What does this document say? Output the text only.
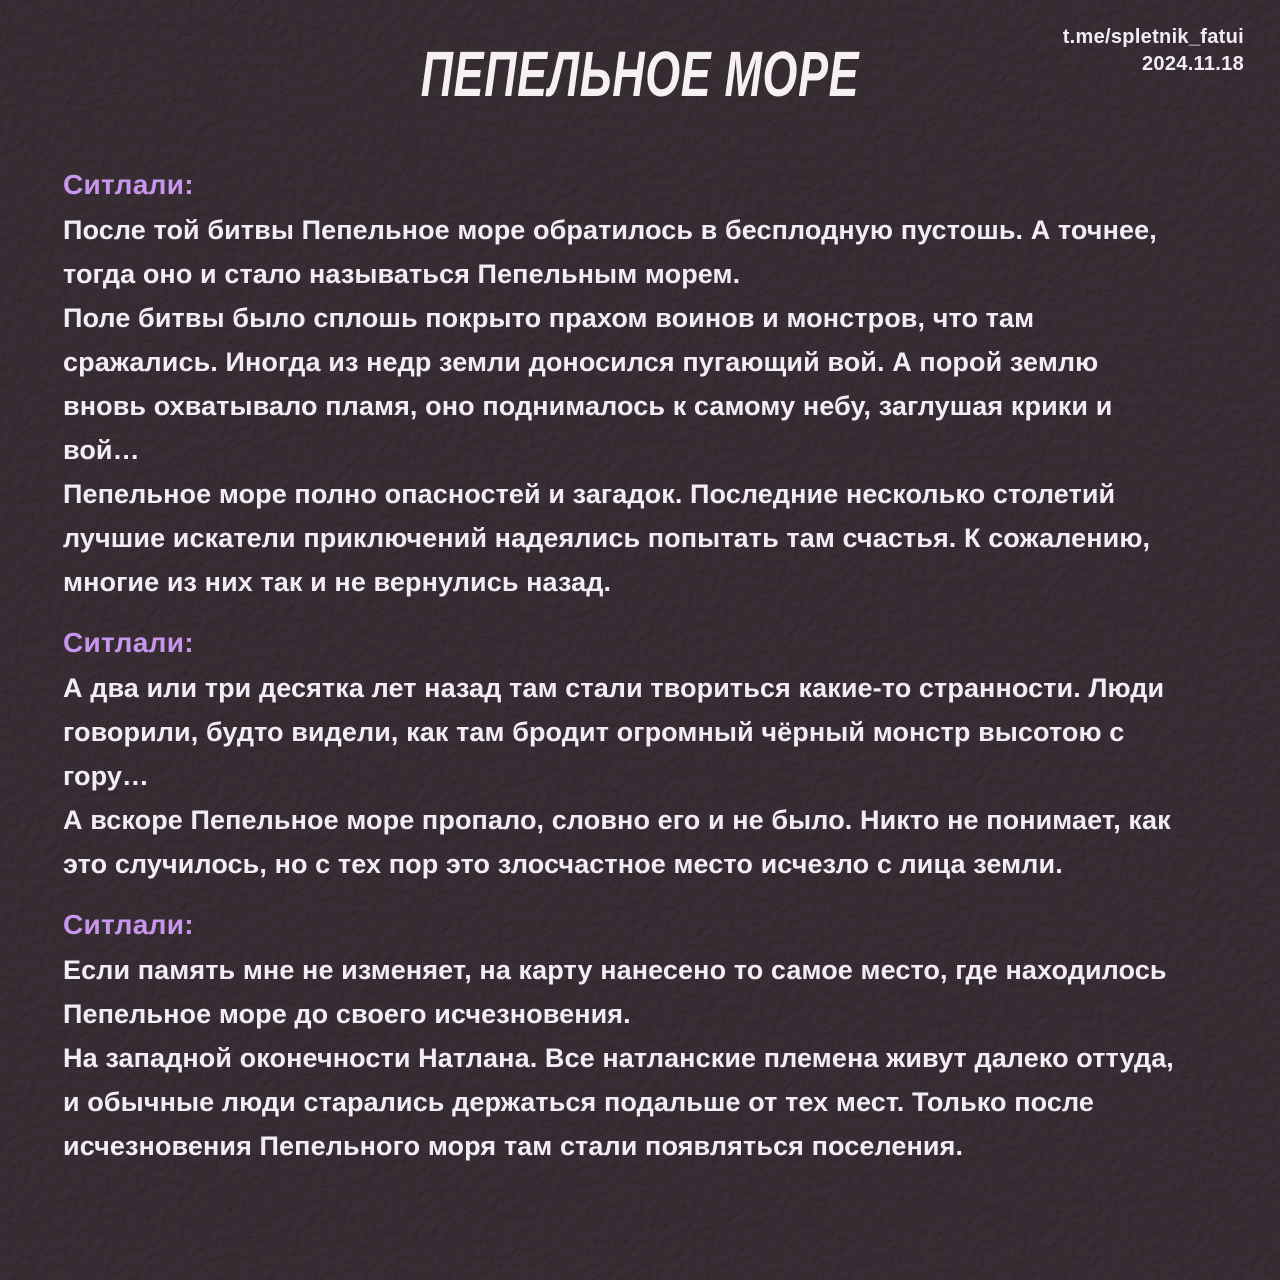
ПЕПЕЛЬНОЕ МОРЕ
t.me/spletnik_fatui
2024.11.18
Ситлали:

После той битвы Пепельное море обратилось в бесплодную пустошь. А точнее, тогда оно и стало называться Пепельным морем.

Поле битвы было сплошь покрыто прахом воинов и монстров, что там сражались. Иногда из недр земли доносился пугающий вой. А порой землю вновь охватывало пламя, оно поднималось к самому небу, заглушая крики и вой…

Пепельное море полно опасностей и загадок. Последние несколько столетий лучшие искатели приключений надеялись попытать там счастья. К сожалению, многие из них так и не вернулись назад.

Ситлали:

А два или три десятка лет назад там стали твориться какие-то странности. Люди говорили, будто видели, как там бродит огромный чёрный монстр высотою с гору…

А вскоре Пепельное море пропало, словно его и не было. Никто не понимает, как это случилось, но с тех пор это злосчастное место исчезло с лица земли.

Ситлали:

Если память мне не изменяет, на карту нанесено то самое место, где находилось Пепельное море до своего исчезновения.

На западной оконечности Натлана. Все натланские племена живут далеко оттуда, и обычные люди старались держаться подальше от тех мест. Только после исчезновения Пепельного моря там стали появляться поселения.
